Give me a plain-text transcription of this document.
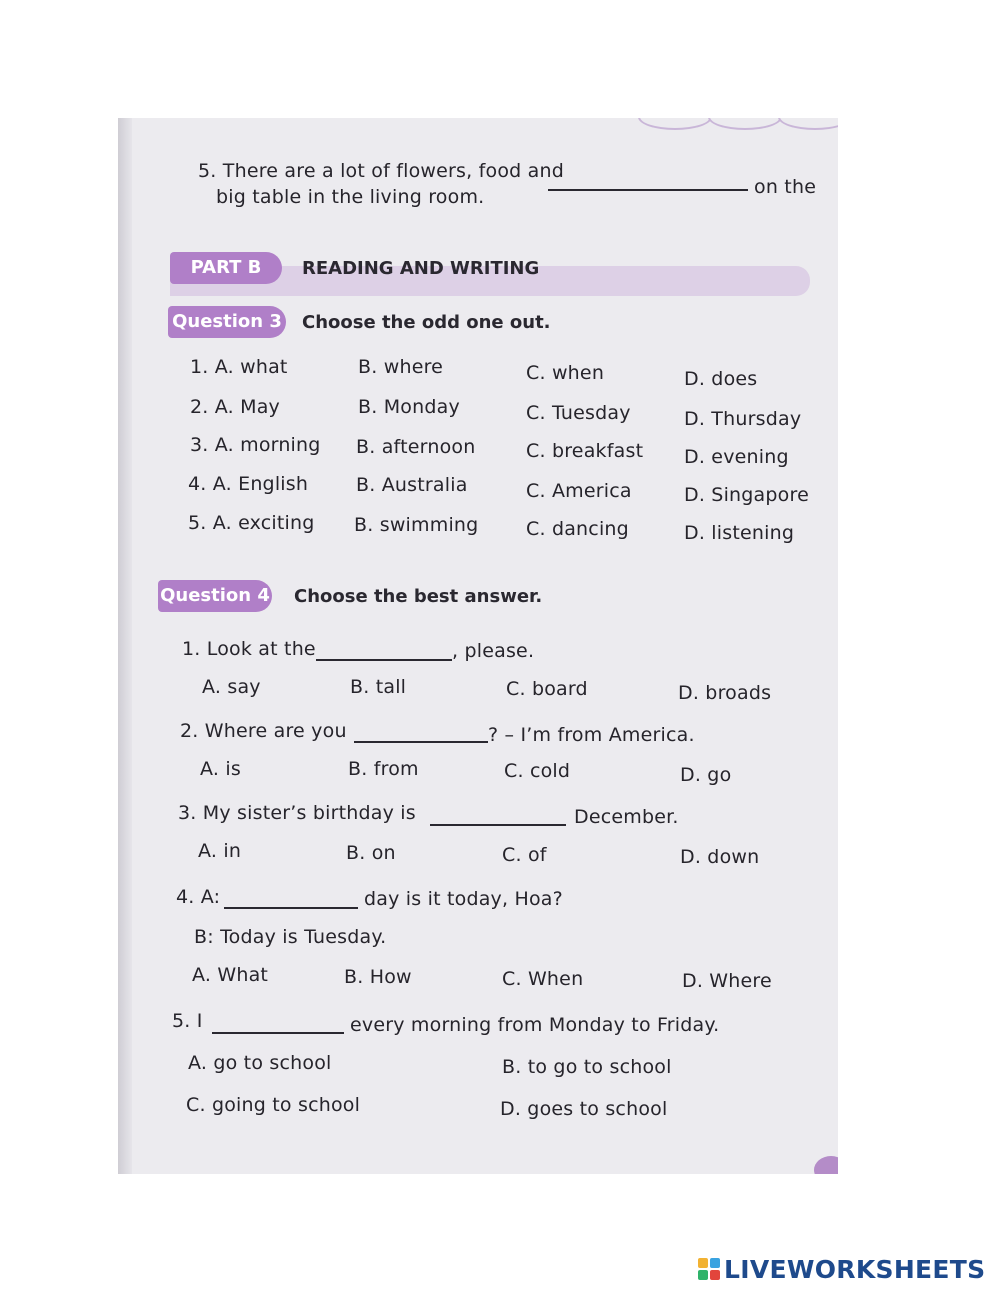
5. There are a lot of flowers, food and
on the
big table in the living room.
PART B	READING AND WRITING
Question 3 Choose the odd one out.
1. A. what	B. where	C. when	D. does
2. A. May	B. Monday	C. Tuesday	D. Thursday
3. A. morning B. afternoon	C. breakfast D. evening
4. A. English	B. Australia	C. America	D. Singapore
5. A. exciting B. swimming	C. dancing	D. listening
Question 4 Choose the best answer.
1. Look at the	, please.
A. say	B. tall	C. board	D. broads
2. Where are you	? – I’m from America.
A. is	B. from	C. cold	D. go
3. My sister’s birthday is	December.
A. in	B. on	C. of	D. down
4. A:	day is it today, Hoa?
B: Today is Tuesday.
A. What	B. How	C. When	D. Where
5. I	every morning from Monday to Friday.
A. go to school	B. to go to school
C. going to school	D. goes to school
LIVEWORKSHEETS
